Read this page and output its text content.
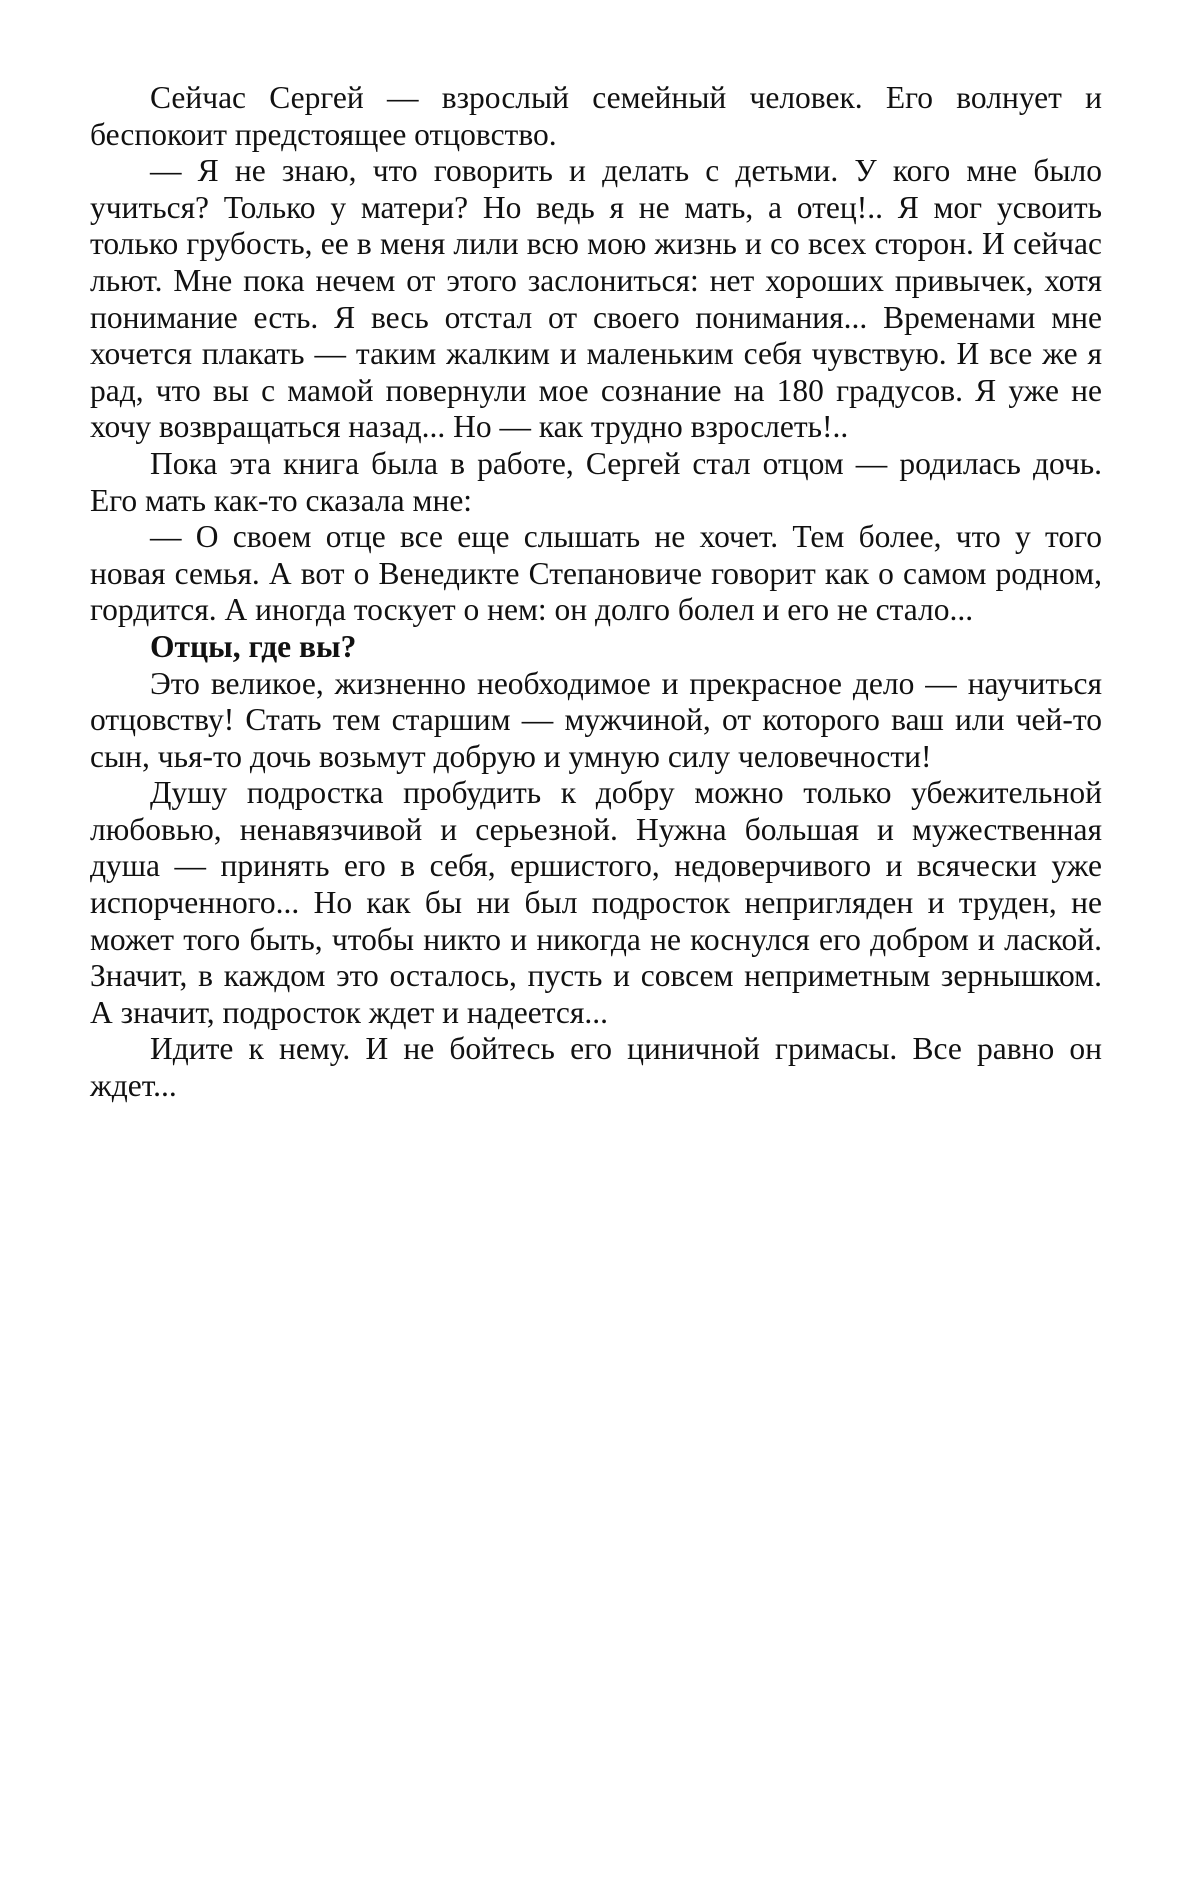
Сейчас Сергей — взрослый семейный человек. Его волнует и беспокоит предстоящее отцовство.

— Я не знаю, что говорить и делать с детьми. У кого мне было учиться? Только у матери? Но ведь я не мать, а отец!.. Я мог усвоить только грубость, ее в меня лили всю мою жизнь и со всех сторон. И сейчас льют. Мне пока нечем от этого заслониться: нет хороших привычек, хотя понимание есть. Я весь отстал от своего понимания... Временами мне хочется плакать — таким жалким и маленьким себя чувствую. И все же я рад, что вы с мамой повернули мое сознание на 180 градусов. Я уже не хочу возвращаться назад... Но — как трудно взрослеть!..

Пока эта книга была в работе, Сергей стал отцом — родилась дочь. Его мать как-то сказала мне:

— О своем отце все еще слышать не хочет. Тем более, что у того новая семья. А вот о Венедикте Степановиче говорит как о самом родном, гордится. А иногда тоскует о нем: он долго болел и его не стало...

Отцы, где вы?

Это великое, жизненно необходимое и прекрасное дело — научиться отцовству! Стать тем старшим — мужчиной, от которого ваш или чей-то сын, чья-то дочь возьмут добрую и умную силу человечности!

Душу подростка пробудить к добру можно только убежительной любовью, ненавязчивой и серьезной. Нужна большая и мужественная душа — принять его в себя, ершистого, недоверчивого и всячески уже испорченного... Но как бы ни был подросток непригляден и труден, не может того быть, чтобы никто и никогда не коснулся его добром и лаской. Значит, в каждом это осталось, пусть и совсем неприметным зернышком. А значит, подросток ждет и надеется...

Идите к нему. И не бойтесь его циничной гримасы. Все равно он ждет...
